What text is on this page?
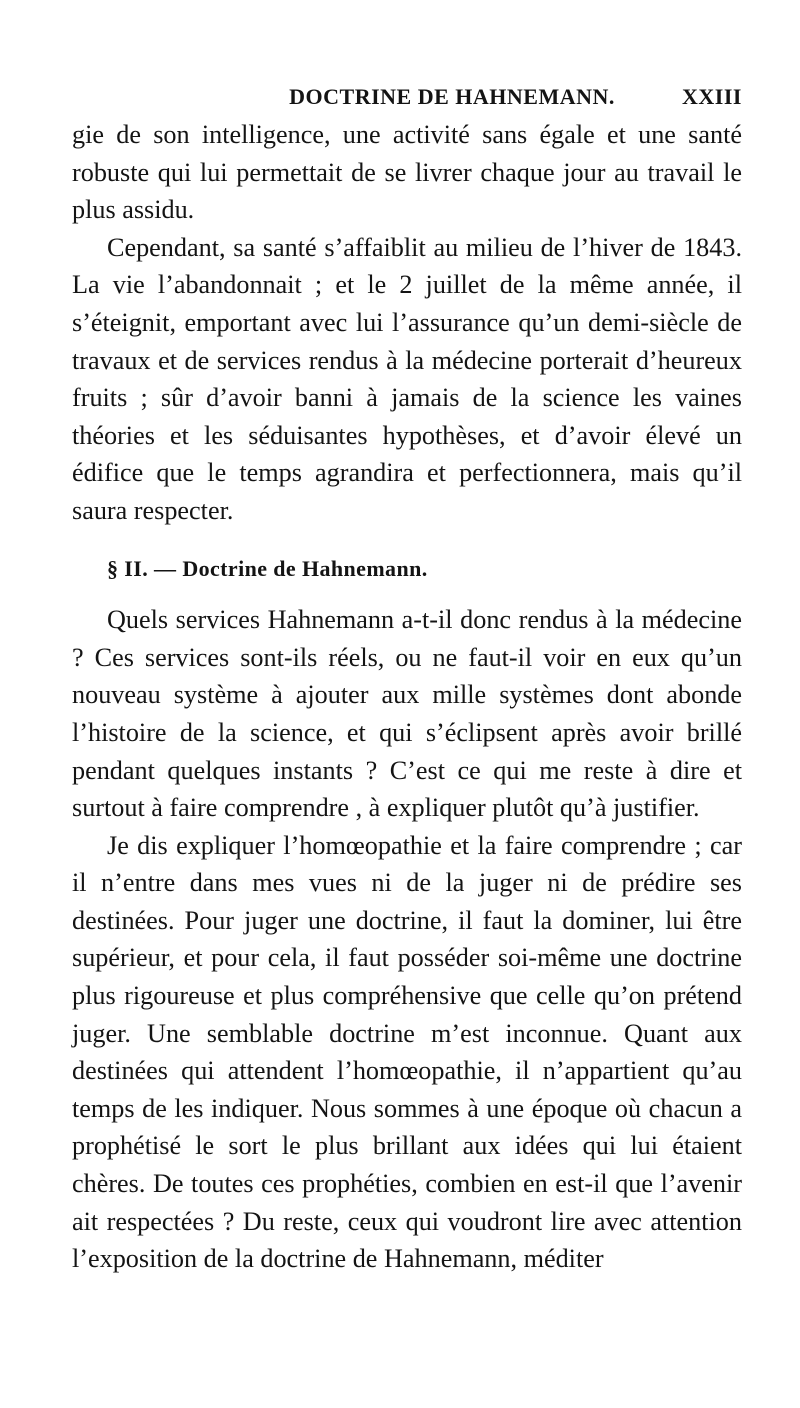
DOCTRINE DE HAHNEMANN.	XXIII

gie de son intelligence, une activité sans égale et une santé robuste qui lui permettait de se livrer chaque jour au travail le plus assidu.

Cependant, sa santé s’affaiblit au milieu de l’hiver de 1843. La vie l’abandonnait ; et le 2 juillet de la même année, il s’éteignit, emportant avec lui l’assurance qu’un demi-siècle de travaux et de services rendus à la médecine porterait d’heureux fruits ; sûr d’avoir banni à jamais de la science les vaines théories et les séduisantes hypothèses, et d’avoir élevé un édifice que le temps agrandira et perfectionnera, mais qu’il saura respecter.

§ II. — Doctrine de Hahnemann.

Quels services Hahnemann a-t-il donc rendus à la médecine ? Ces services sont-ils réels, ou ne faut-il voir en eux qu’un nouveau système à ajouter aux mille systèmes dont abonde l’histoire de la science, et qui s’éclipsent après avoir brillé pendant quelques instants ? C’est ce qui me reste à dire et surtout à faire comprendre , à expliquer plutôt qu’à justifier.

Je dis expliquer l’homœopathie et la faire comprendre ; car il n’entre dans mes vues ni de la juger ni de prédire ses destinées. Pour juger une doctrine, il faut la dominer, lui être supérieur, et pour cela, il faut posséder soi-même une doctrine plus rigoureuse et plus compréhensive que celle qu’on prétend juger. Une semblable doctrine m’est inconnue. Quant aux destinées qui attendent l’homœopathie, il n’appartient qu’au temps de les indiquer. Nous sommes à une époque où chacun a prophétisé le sort le plus brillant aux idées qui lui étaient chères. De toutes ces prophéties, combien en est-il que l’avenir ait respectées ? Du reste, ceux qui voudront lire avec attention l’exposition de la doctrine de Hahnemann, méditer
